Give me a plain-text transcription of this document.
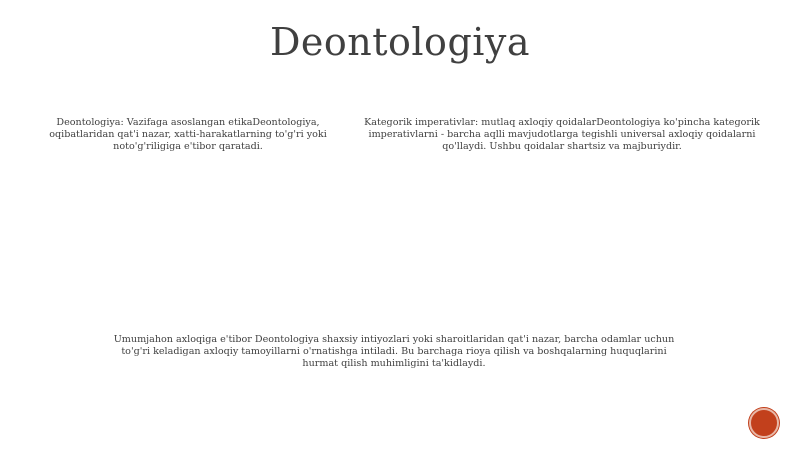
Deontologiya
Deontologiya: Vazifaga asoslangan etikaDeontologiya, oqibatlaridan qat'i nazar, xatti-harakatlarning to'g'ri yoki noto'g'riligiga e'tibor qaratadi.
Kategorik imperativlar: mutlaq axloqiy qoidalarDeontologiya ko'pincha kategorik imperativlarni - barcha aqlli mavjudotlarga tegishli universal axloqiy qoidalarni qo'llaydi. Ushbu qoidalar shartsiz va majburiydir.
Umumjahon axloqiga e'tibor Deontologiya shaxsiy intiyozlari yoki sharoitlaridan qat'i nazar, barcha odamlar uchun to'g'ri keladigan axloqiy tamoyillarni o'rnatishga intiladi. Bu barchaga rioya qilish va boshqalarning huquqlarini hurmat qilish muhimligini ta'kidlaydi.
